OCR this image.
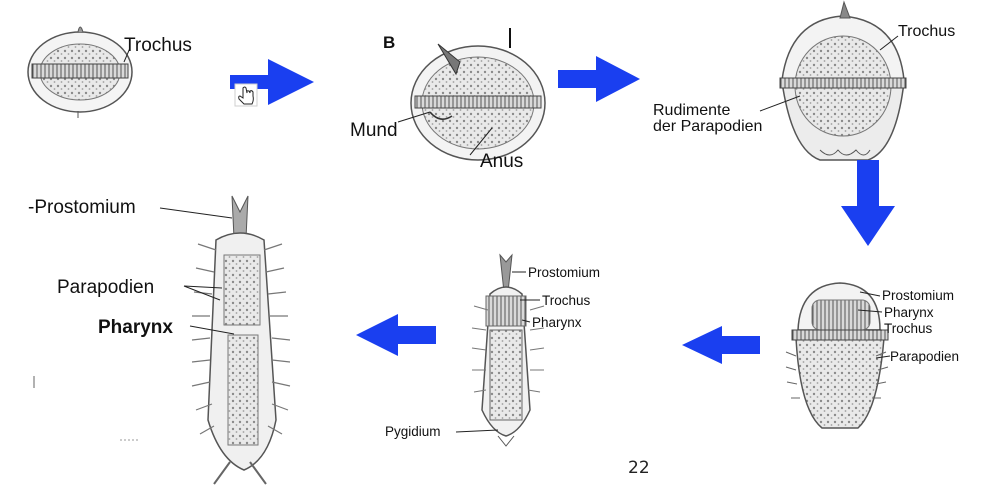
Trochus	B
Mund
Anus
Trochus
Rudimente
der Parapodien
Prostomium
Pharynx
Trochus
Parapodien
Prostomium
Trochus
Pharynx
Pygidium
-Prostomium
Parapodien
Pharynx
22
